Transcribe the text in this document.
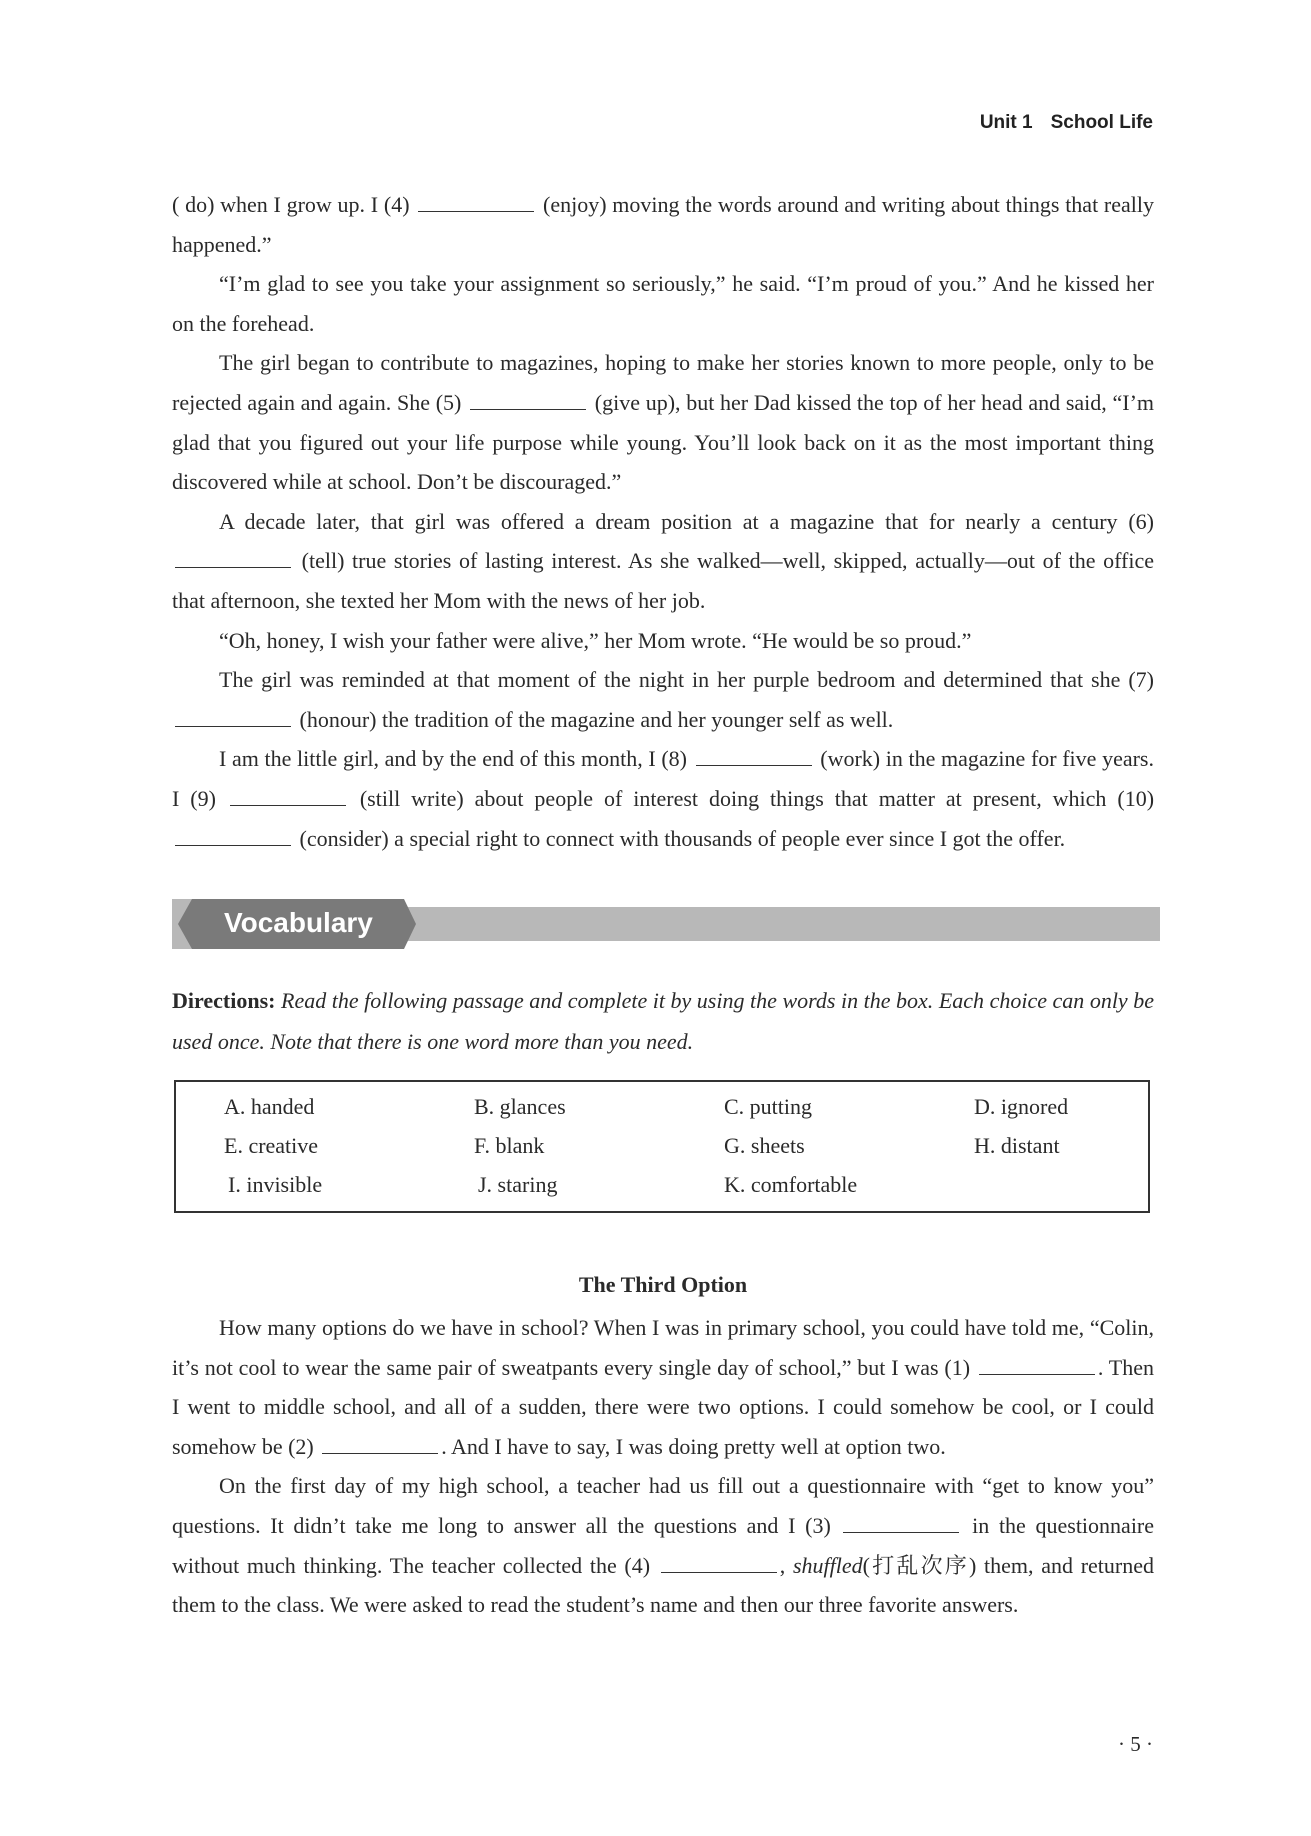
Unit 1 School Life

( do) when I grow up. I (4)	(enjoy) moving the words around and writing about things that really happened.”

“I’m glad to see you take your assignment so seriously,” he said. “I’m proud of you.” And he kissed her on the forehead.

The girl began to contribute to magazines, hoping to make her stories known to more people, only to be rejected again and again. She (5)	(give up), but her Dad kissed the top of her head and said, “I’m glad that you figured out your life purpose while young. You’ll look back on it as the most important thing discovered while at school. Don’t be discouraged.”

A decade later, that girl was offered a dream position at a magazine that for nearly a century (6)  (tell) true stories of lasting interest. As she walked—well, skipped, actually—out of the office that afternoon, she texted her Mom with the news of her job.

“Oh, honey, I wish your father were alive,” her Mom wrote. “He would be so proud.”

The girl was reminded at that moment of the night in her purple bedroom and determined that she (7)  (honour) the tradition of the magazine and her younger self as well.

I am the little girl, and by the end of this month, I (8)	(work) in the magazine for five years. I (9)	(still write) about people of interest doing things that matter at present, which (10)  (consider) a special right to connect with thousands of people ever since I got the offer.

Vocabulary
Directions: Read the following passage and complete it by using the words in the box. Each choice can only be used once. Note that there is one word more than you need.
A. handed	B. glances	C. putting	D. ignored
E. creative	F. blank	G. sheets	H. distant
I. invisible	J. staring	K. comfortable
The Third Option

How many options do we have in school? When I was in primary school, you could have told me, “Colin, it’s not cool to wear the same pair of sweatpants every single day of school,” but I was (1)	. Then I went to middle school, and all of a sudden, there were two options. I could somehow be cool, or I could somehow be (2)	. And I have to say, I was doing pretty well at option two.

On the first day of my high school, a teacher had us fill out a questionnaire with “get to know you” questions. It didn’t take me long to answer all the questions and I (3)	in the questionnaire without much thinking. The teacher collected the (4)	, shuffled(打乱次序) them, and returned them to the class. We were asked to read the student’s name and then our three favorite answers.

· 5 ·
